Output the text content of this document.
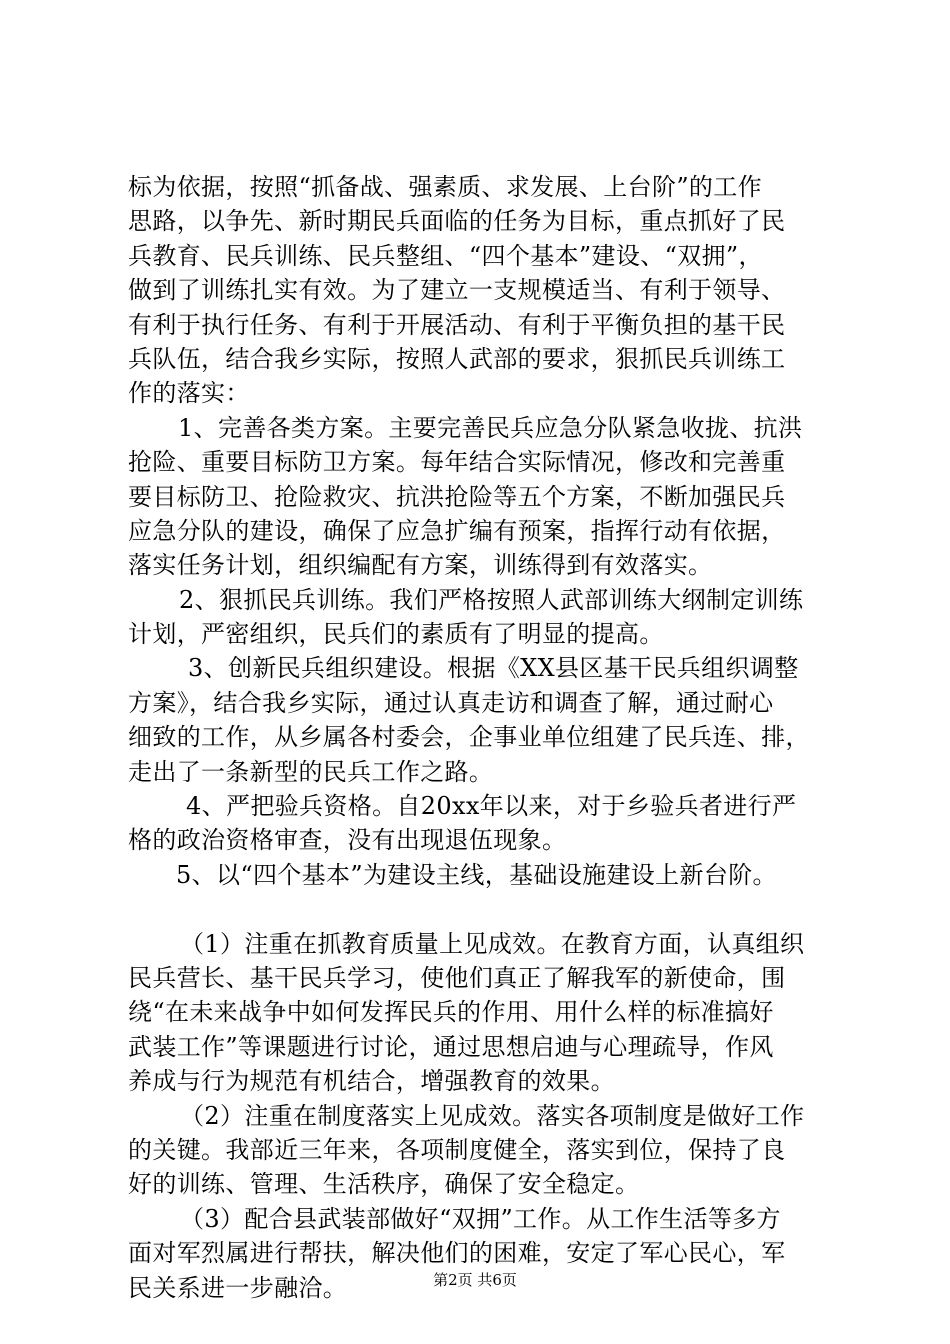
标为依据，按照“抓备战、强素质、求发展、上台阶”的工作
思路，以争先、新时期民兵面临的任务为目标，重点抓好了民
兵教育、民兵训练、民兵整组、“四个基本”建设、“双拥”，
做到了训练扎实有效。为了建立一支规模适当、有利于领导、
有利于执行任务、有利于开展活动、有利于平衡负担的基干民
兵队伍，结合我乡实际，按照人武部的要求，狠抓民兵训练工
作的落实：
1、完善各类方案。主要完善民兵应急分队紧急收拢、抗洪
抢险、重要目标防卫方案。每年结合实际情况，修改和完善重
要目标防卫、抢险救灾、抗洪抢险等五个方案，不断加强民兵
应急分队的建设，确保了应急扩编有预案，指挥行动有依据，
落实任务计划，组织编配有方案，训练得到有效落实。
2、狠抓民兵训练。我们严格按照人武部训练大纲制定训练
计划，严密组织，民兵们的素质有了明显的提高。
3、创新民兵组织建设。根据《XX县区基干民兵组织调整
方案》，结合我乡实际，通过认真走访和调查了解，通过耐心
细致的工作，从乡属各村委会，企事业单位组建了民兵连、排，
走出了一条新型的民兵工作之路。
4、严把验兵资格。自20xx年以来，对于乡验兵者进行严
格的政治资格审查，没有出现退伍现象。
5、以“四个基本”为建设主线，基础设施建设上新台阶。
（1）注重在抓教育质量上见成效。在教育方面，认真组织
民兵营长、基干民兵学习，使他们真正了解我军的新使命，围
绕“在未来战争中如何发挥民兵的作用、用什么样的标准搞好
武装工作”等课题进行讨论，通过思想启迪与心理疏导，作风
养成与行为规范有机结合，增强教育的效果。
（2）注重在制度落实上见成效。落实各项制度是做好工作
的关键。我部近三年来，各项制度健全，落实到位，保持了良
好的训练、管理、生活秩序，确保了安全稳定。
（3）配合县武装部做好“双拥”工作。从工作生活等多方
面对军烈属进行帮扶，解决他们的困难，安定了军心民心，军
民关系进一步融洽。	第2页 共6页
